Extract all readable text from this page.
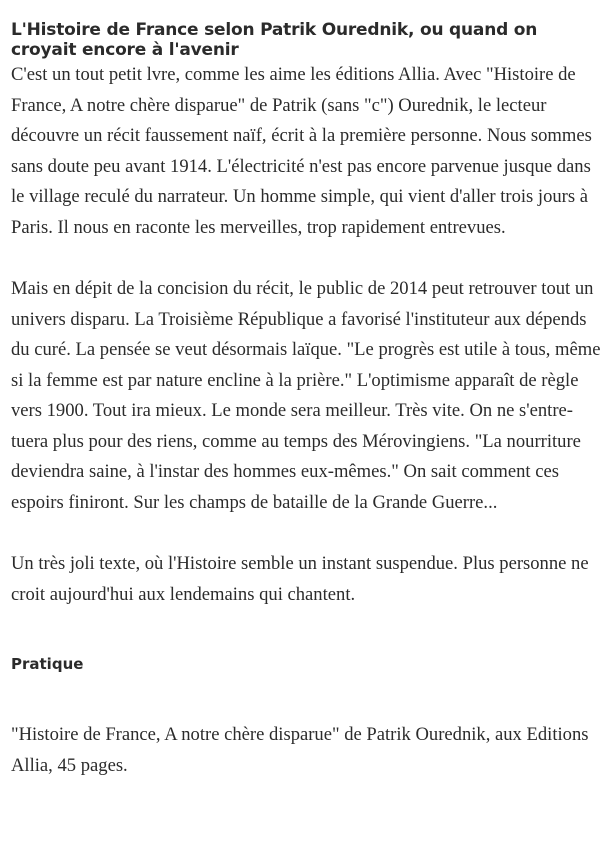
L'Histoire de France selon Patrik Ourednik, ou quand on croyait encore à l'avenir

C'est un tout petit lvre, comme les aime les éditions Allia. Avec "Histoire de France, A notre chère disparue" de Patrik (sans "c") Ourednik, le lecteur découvre un récit faussement naïf, écrit à la première personne. Nous sommes sans doute peu avant 1914. L'électricité n'est pas encore parvenue jusque dans le village reculé du narrateur. Un homme simple, qui vient d'aller trois jours à Paris. Il nous en raconte les merveilles, trop rapidement entrevues.

Mais en dépit de la concision du récit, le public de 2014 peut retrouver tout un univers disparu. La Troisième République a favorisé l'instituteur aux dépends du curé. La pensée se veut désormais laïque. "Le progrès est utile à tous, même si la femme est par nature encline à la prière." L'optimisme apparaît de règle vers 1900. Tout ira mieux. Le monde sera meilleur. Très vite. On ne s'entre-tuera plus pour des riens, comme au temps des Mérovingiens. "La nourriture deviendra saine, à l'instar des hommes eux-mêmes." On sait comment ces espoirs finiront. Sur les champs de bataille de la Grande Guerre...

Un très joli texte, où l'Histoire semble un instant suspendue. Plus personne ne croit aujourd'hui aux lendemains qui chantent.

Pratique

"Histoire de France, A notre chère disparue" de Patrik Ourednik, aux Editions Allia, 45 pages.
